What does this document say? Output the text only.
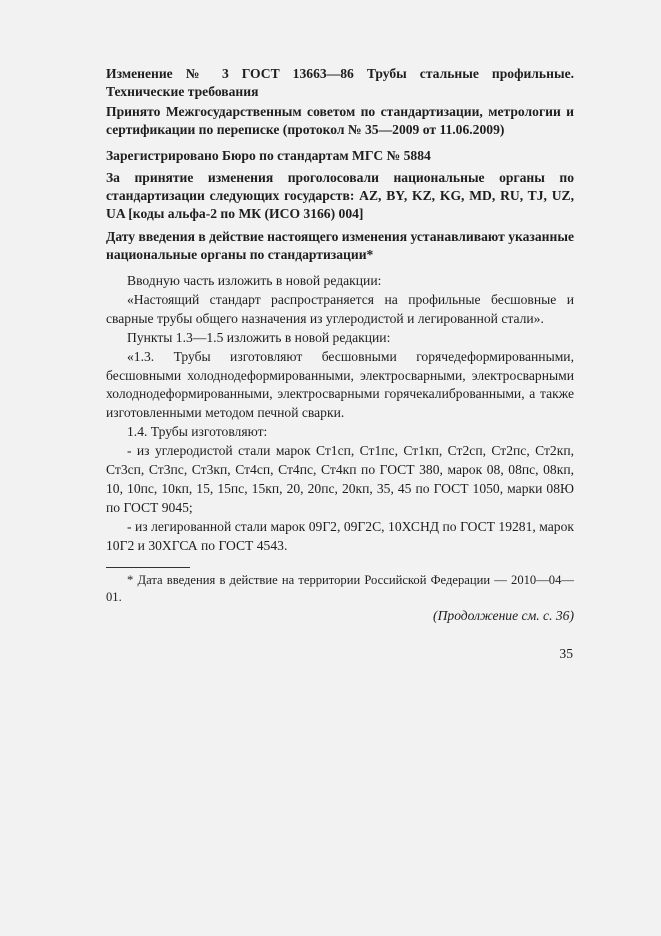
Изменение № 3 ГОСТ 13663—86 Трубы стальные профильные. Технические требования

Принято Межгосударственным советом по стандартизации, метрологии и сертификации по переписке (протокол № 35—2009 от 11.06.2009)

Зарегистрировано Бюро по стандартам МГС № 5884

За принятие изменения проголосовали национальные органы по стандартизации следующих государств: AZ, BY, KZ, KG, MD, RU, TJ, UZ, UA [коды альфа-2 по МК (ИСО 3166) 004]

Дату введения в действие настоящего изменения устанавливают указанные национальные органы по стандартизации*

Вводную часть изложить в новой редакции:

«Настоящий стандарт распространяется на профильные бесшовные и сварные трубы общего назначения из углеродистой и легированной стали».

Пункты 1.3—1.5 изложить в новой редакции:

«1.3. Трубы изготовляют бесшовными горячедеформированными, бесшовными холоднодеформированными, электросварными, электросварными холоднодеформированными, электросварными горячекалиброванными, а также изготовленными методом печной сварки.

1.4. Трубы изготовляют:

- из углеродистой стали марок Ст1сп, Ст1пс, Ст1кп, Ст2сп, Ст2пс, Ст2кп, Ст3сп, Ст3пс, Ст3кп, Ст4сп, Ст4пс, Ст4кп по ГОСТ 380, марок 08, 08пс, 08кп, 10, 10пс, 10кп, 15, 15пс, 15кп, 20, 20пс, 20кп, 35, 45 по ГОСТ 1050, марки 08Ю по ГОСТ 9045;

- из легированной стали марок 09Г2, 09Г2С, 10ХСНД по ГОСТ 19281, марок 10Г2 и 30ХГСА по ГОСТ 4543.

* Дата введения в действие на территории Российской Федерации — 2010—04—01.

(Продолжение см. с. 36)

35
